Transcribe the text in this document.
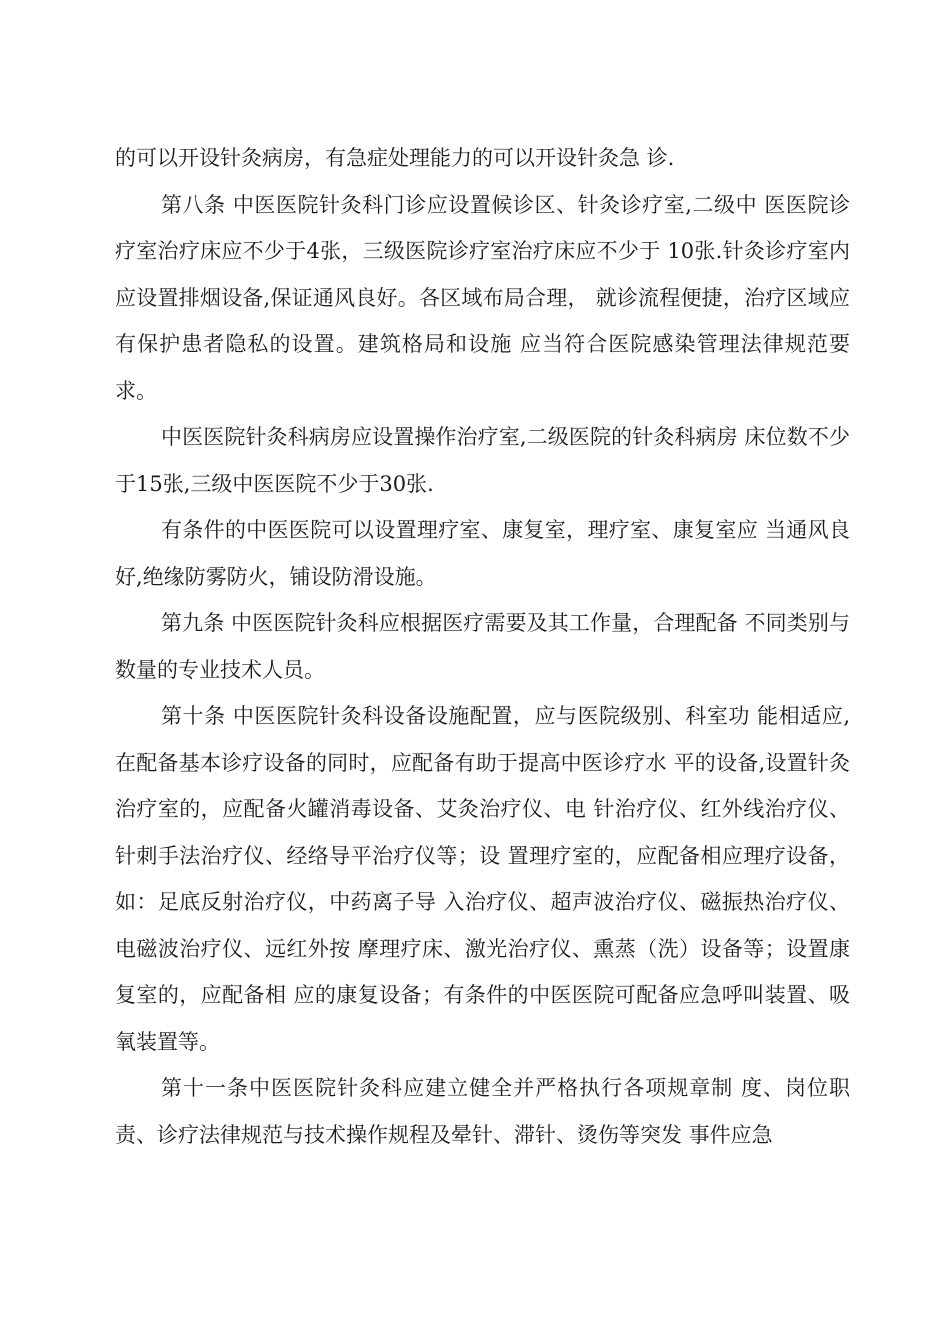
的可以开设针灸病房，有急症处理能力的可以开设针灸急 诊.

第八条 中医医院针灸科门诊应设置候诊区、针灸诊疗室,二级中 医医院诊疗室治疗床应不少于4张，三级医院诊疗室治疗床应不少于 10张.针灸诊疗室内应设置排烟设备,保证通风良好。各区域布局合理， 就诊流程便捷，治疗区域应有保护患者隐私的设置。建筑格局和设施 应当符合医院感染管理法律规范要求。

中医医院针灸科病房应设置操作治疗室,二级医院的针灸科病房 床位数不少于15张,三级中医医院不少于30张.

有条件的中医医院可以设置理疗室、康复室，理疗室、康复室应 当通风良好,绝缘防雾防火，铺设防滑设施。

第九条 中医医院针灸科应根据医疗需要及其工作量，合理配备 不同类别与数量的专业技术人员。

第十条 中医医院针灸科设备设施配置，应与医院级别、科室功 能相适应,在配备基本诊疗设备的同时，应配备有助于提高中医诊疗水 平的设备,设置针灸治疗室的，应配备火罐消毒设备、艾灸治疗仪、电 针治疗仪、红外线治疗仪、针刺手法治疗仪、经络导平治疗仪等；设 置理疗室的，应配备相应理疗设备，如：足底反射治疗仪，中药离子导 入治疗仪、超声波治疗仪、磁振热治疗仪、电磁波治疗仪、远红外按 摩理疗床、激光治疗仪、熏蒸（洗）设备等；设置康复室的，应配备相 应的康复设备；有条件的中医医院可配备应急呼叫装置、吸氧装置等。

第十一条中医医院针灸科应建立健全并严格执行各项规章制 度、岗位职责、诊疗法律规范与技术操作规程及晕针、滞针、烫伤等突发 事件应急
